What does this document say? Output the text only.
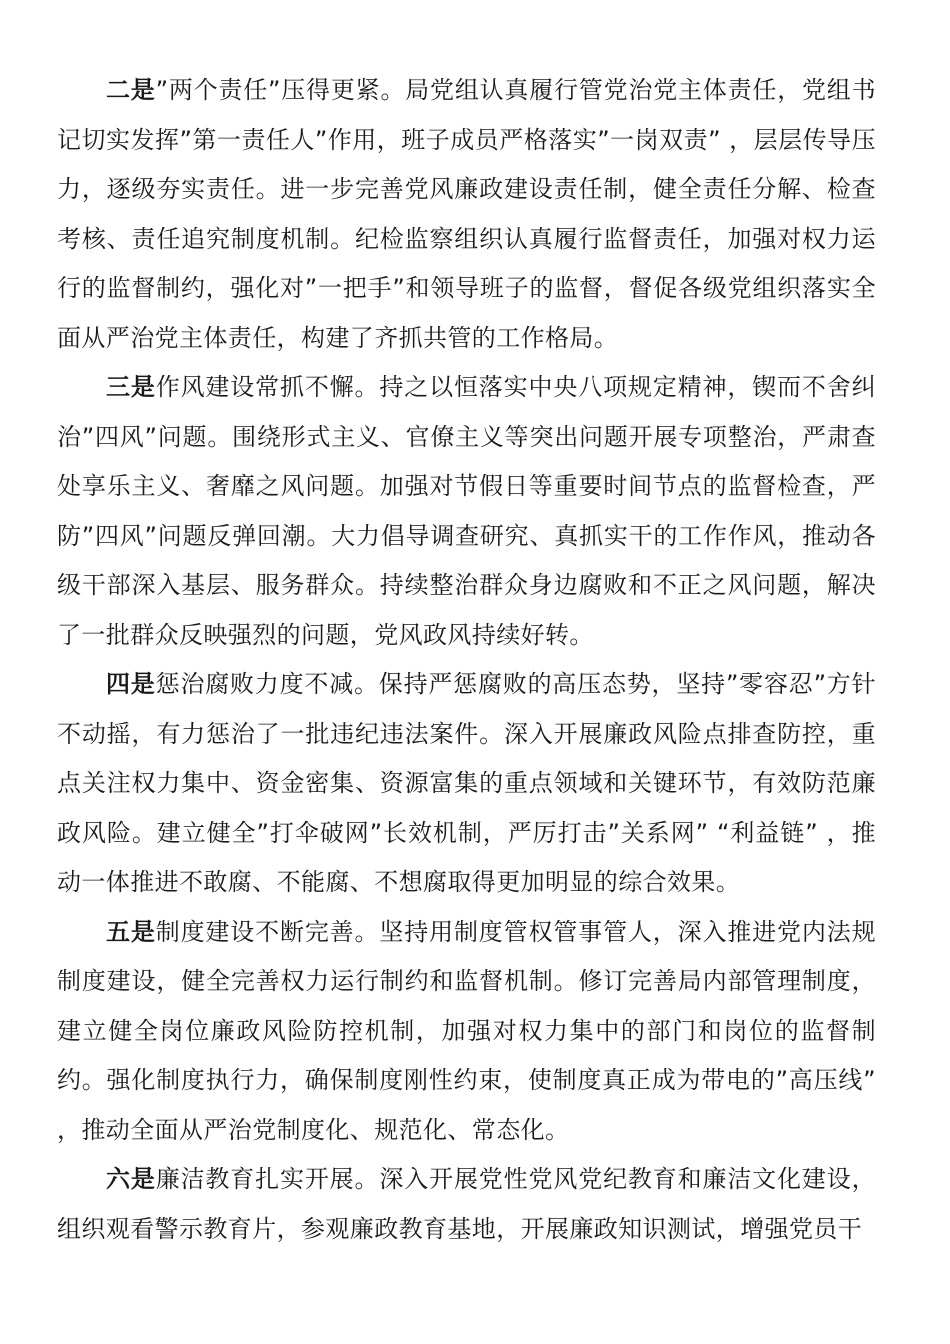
二是”两个责任”压得更紧。局党组认真履行管党治党主体责任，党组书记切实发挥”第一责任人”作用，班子成员严格落实”一岗双责” ，层层传导压力，逐级夯实责任。进一步完善党风廉政建设责任制，健全责任分解、检查考核、责任追究制度机制。纪检监察组织认真履行监督责任，加强对权力运行的监督制约，强化对”一把手”和领导班子的监督，督促各级党组织落实全面从严治党主体责任，构建了齐抓共管的工作格局。

三是作风建设常抓不懈。持之以恒落实中央八项规定精神，锲而不舍纠治”四风”问题。围绕形式主义、官僚主义等突出问题开展专项整治，严肃查处享乐主义、奢靡之风问题。加强对节假日等重要时间节点的监督检查，严防”四风”问题反弹回潮。大力倡导调查研究、真抓实干的工作作风，推动各级干部深入基层、服务群众。持续整治群众身边腐败和不正之风问题，解决了一批群众反映强烈的问题，党风政风持续好转。

四是惩治腐败力度不减。保持严惩腐败的高压态势，坚持”零容忍”方针不动摇，有力惩治了一批违纪违法案件。深入开展廉政风险点排查防控，重点关注权力集中、资金密集、资源富集的重点领域和关键环节，有效防范廉政风险。建立健全”打伞破网”长效机制，严厉打击”关系网” “利益链” ，推动一体推进不敢腐、不能腐、不想腐取得更加明显的综合效果。

五是制度建设不断完善。坚持用制度管权管事管人，深入推进党内法规制度建设，健全完善权力运行制约和监督机制。修订完善局内部管理制度，建立健全岗位廉政风险防控机制，加强对权力集中的部门和岗位的监督制约。强化制度执行力，确保制度刚性约束，使制度真正成为带电的”高压线” ，推动全面从严治党制度化、规范化、常态化。

六是廉洁教育扎实开展。深入开展党性党风党纪教育和廉洁文化建设，组织观看警示教育片，参观廉政教育基地，开展廉政知识测试，增强党员干
